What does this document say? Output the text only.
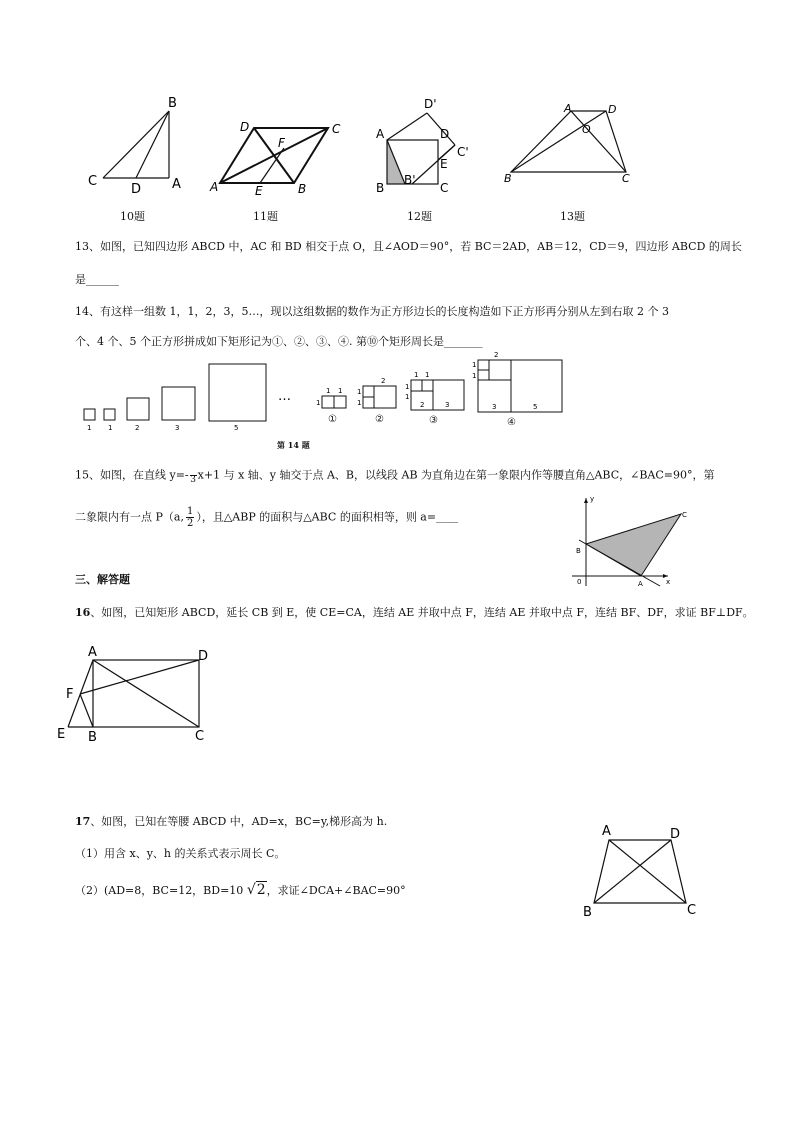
B
C
D A
D	C
F
A	E	B
D'
A	D
C'
E
B
B'
C
A	D
O
B	C
10题	11题	12题	13题
13、如图，已知四边形 ABCD 中，AC 和 BD 相交于点 O，且∠AOD＝90°，若 BC＝2AD，AB＝12，CD＝9，四边形 ABCD 的周长
是______
14、有这样一组数 1，1，2，3，5…，现以这组数据的数作为正方形边长的长度构造如下正方形再分别从左到右取 2 个 3
个、4 个、5 个正方形拼成如下矩形记为①、②、③、④. 第⑩个矩形周长是_______
1 1	2	3	5
…	1 1
1
2
1
1
1 1
1
1
2	3
2
1
1
3	5
①	②	③	④
第 14 题
15、如图，在直线 y=- 3 x+1 与 x 轴、y 轴交于点 A、B，以线段 AB 为直角边在第一象限内作等腰直角△ABC，∠BAC=90°，第
二象限内有一点 P（a, $\frac{1}{2}$ ），且△ABP 的面积与△ABC 的面积相等，则 a=____
y
x
C
B
0	A
三、解答题
16、如图，已知矩形 ABCD，延长 CB 到 E，使 CE=CA，连结 AE 并取中点 F，连结 AE 并取中点 F，连结 BF、DF，求证 BF⊥DF。
A	D
F
E B	C
17、如图，已知在等腰 ABCD 中，AD=x，BC=y,梯形高为 h.
（1）用含 x、y、h 的关系式表示周长 C。
（2）(AD=8，BC=12，BD=10 √2，求证∠DCA+∠BAC=90°
A	D
B	C
